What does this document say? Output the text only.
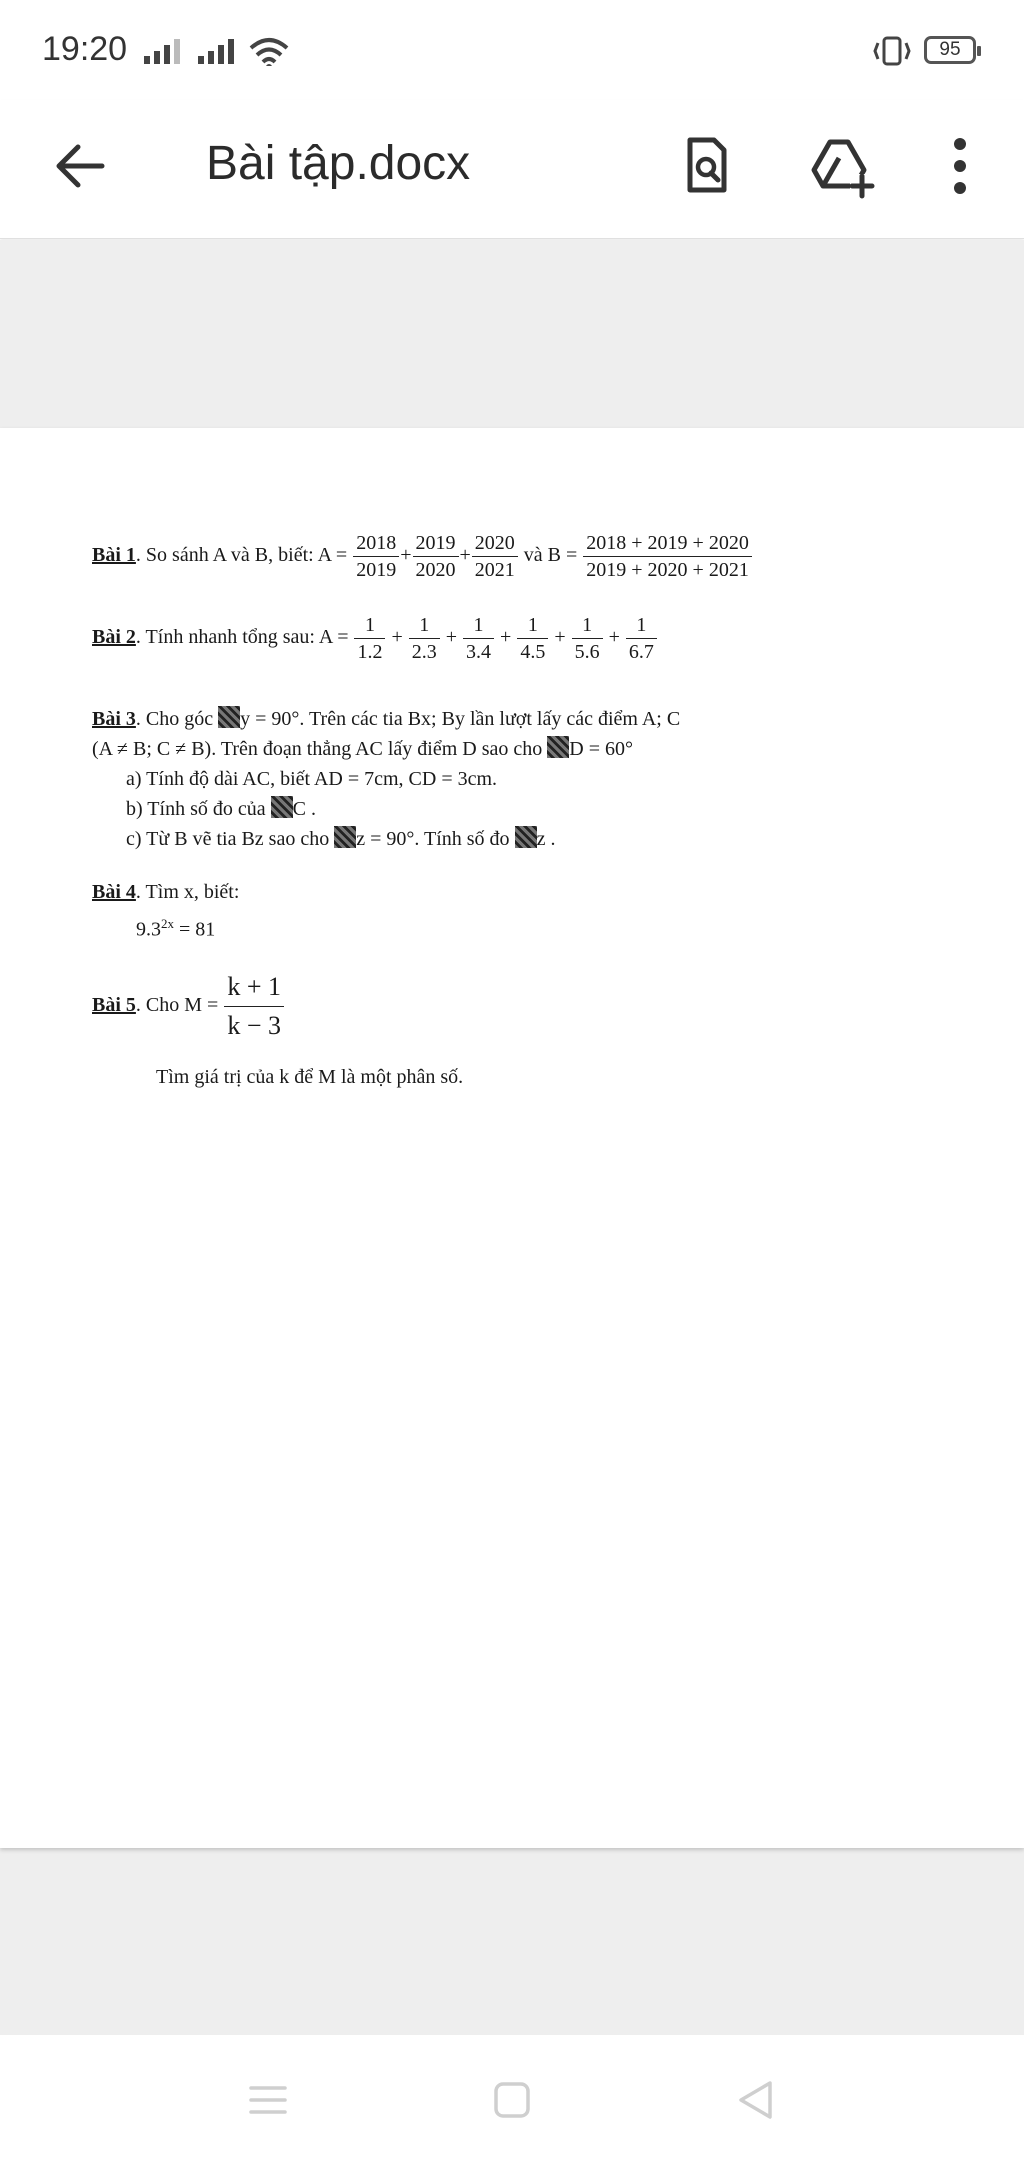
19:20	95
Bài tập.docx
Bài 1. So sánh A và B, biết: $A = \frac{2018}{2019} + \frac{2019}{2020} + \frac{2020}{2021}$ và $B = \frac{2018 + 2019 + 2020}{2019 + 2020 + 2021}$
Bài 2. Tính nhanh tổng sau: $A = \frac{1}{1.2} + \frac{1}{2.3} + \frac{1}{3.4} + \frac{1}{4.5} + \frac{1}{5.6} + \frac{1}{6.7}$
Bài 3. Cho góc y = 90°. Trên các tia Bx; By lần lượt lấy các điểm A; C
(A ≠ B; C ≠ B). Trên đoạn thẳng AC lấy điểm D sao cho D = 60°
a) Tính độ dài AC, biết AD = 7cm, CD = 3cm.
b) Tính số đo của C .
c) Từ B vẽ tia Bz sao cho z = 90°. Tính số đo z .
Bài 4. Tìm x, biết:
$9.3^{2x} = 81$
Bài 5. Cho $M = \frac{k + 1}{k - 3}$
Tìm giá trị của k để M là một phân số.
